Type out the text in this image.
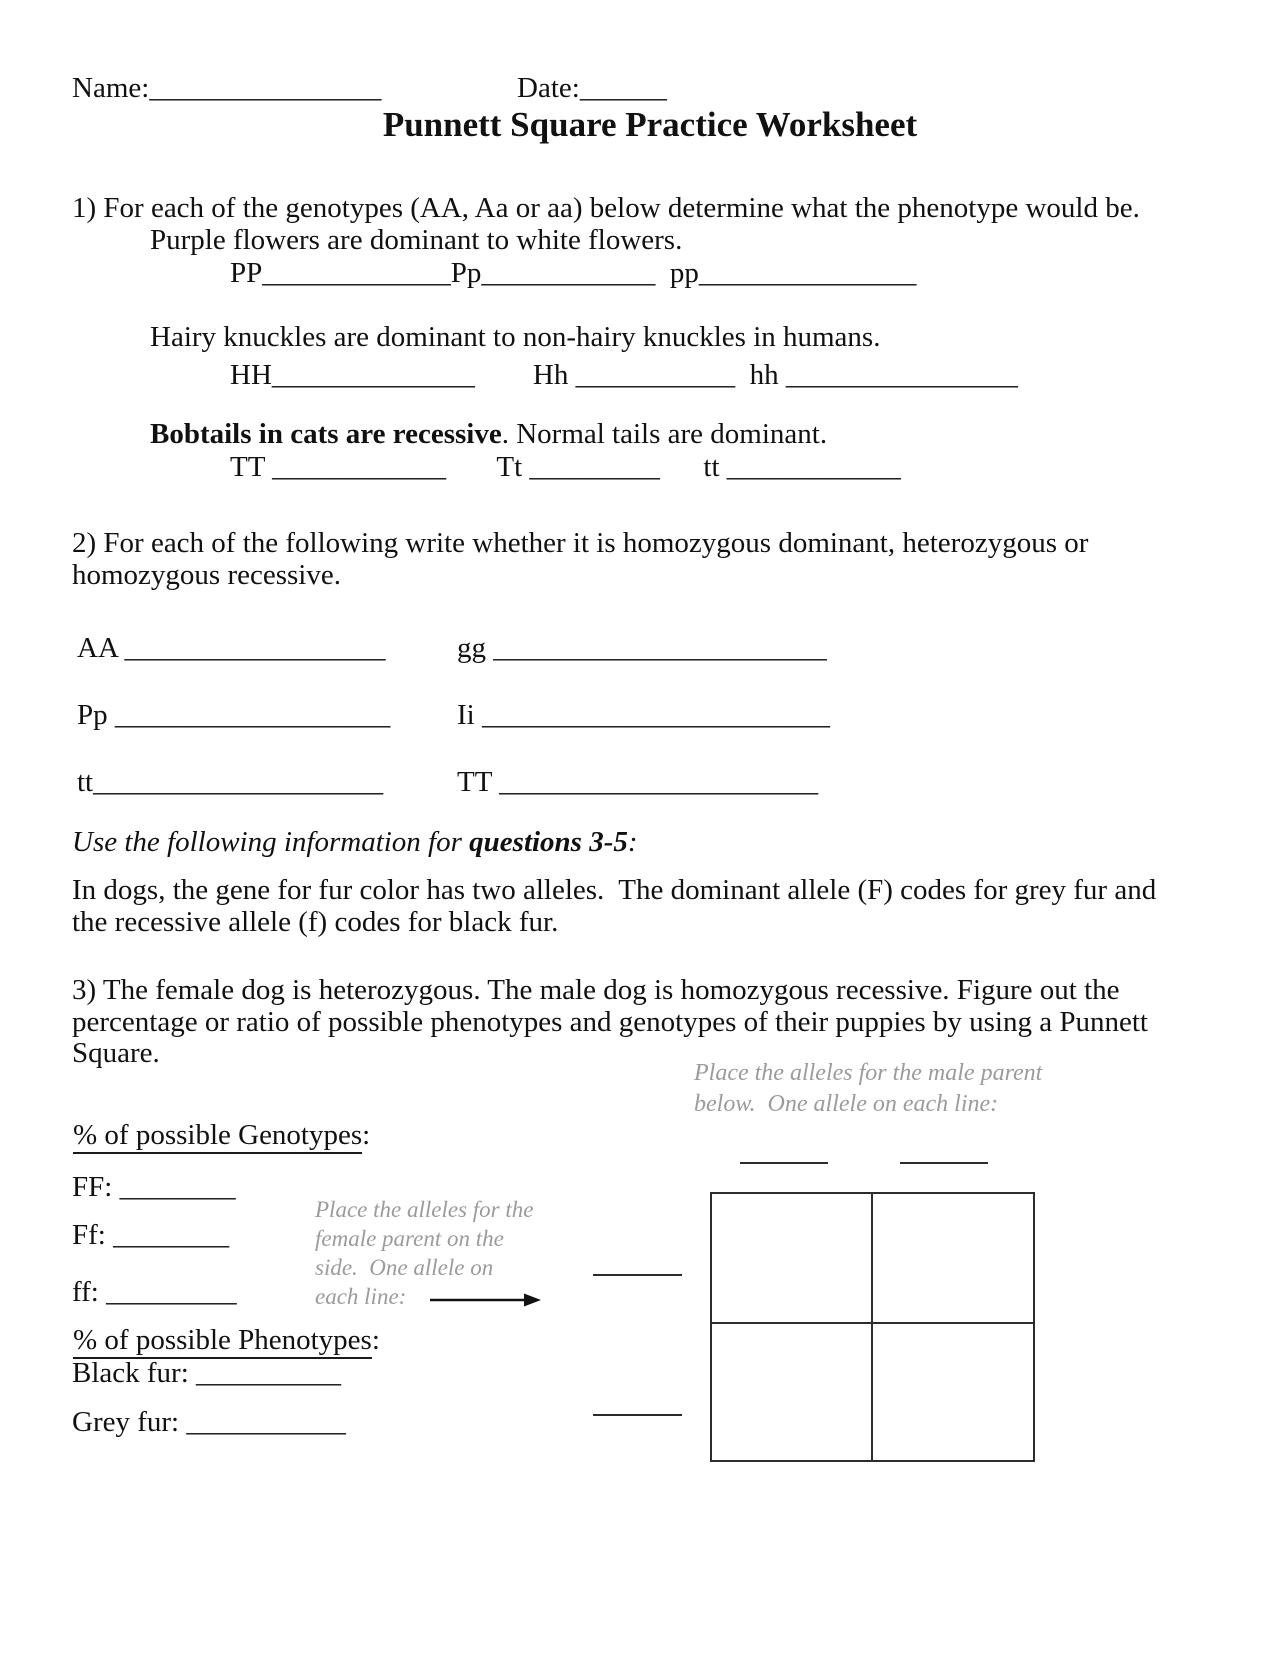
Name:________________	Date:______
Punnett Square Practice Worksheet
1) For each of the genotypes (AA, Aa or aa) below determine what the phenotype would be.
Purple flowers are dominant to white flowers.
PP_____________Pp____________  pp_______________
Hairy knuckles are dominant to non-hairy knuckles in humans.
HH______________        Hh ___________  hh ________________
Bobtails in cats are recessive. Normal tails are dominant.
TT ____________       Tt _________      tt ____________
2) For each of the following write whether it is homozygous dominant, heterozygous or
homozygous recessive.
AA __________________ gg _______________________
Pp ___________________ Ii ________________________
tt____________________	TT ______________________
Use the following information for questions 3-5:
In dogs, the gene for fur color has two alleles.  The dominant allele (F) codes for grey fur and
the recessive allele (f) codes for black fur.
3) The female dog is heterozygous. The male dog is homozygous recessive. Figure out the
percentage or ratio of possible phenotypes and genotypes of their puppies by using a Punnett
Square.
Place the alleles for the male parent
below.  One allele on each line:
% of possible Genotypes:
FF: ________
Ff: ________
ff: _________
Place the alleles for the
female parent on the
side.  One allele on
each line:
% of possible Phenotypes:
Black fur: __________
Grey fur: ___________
